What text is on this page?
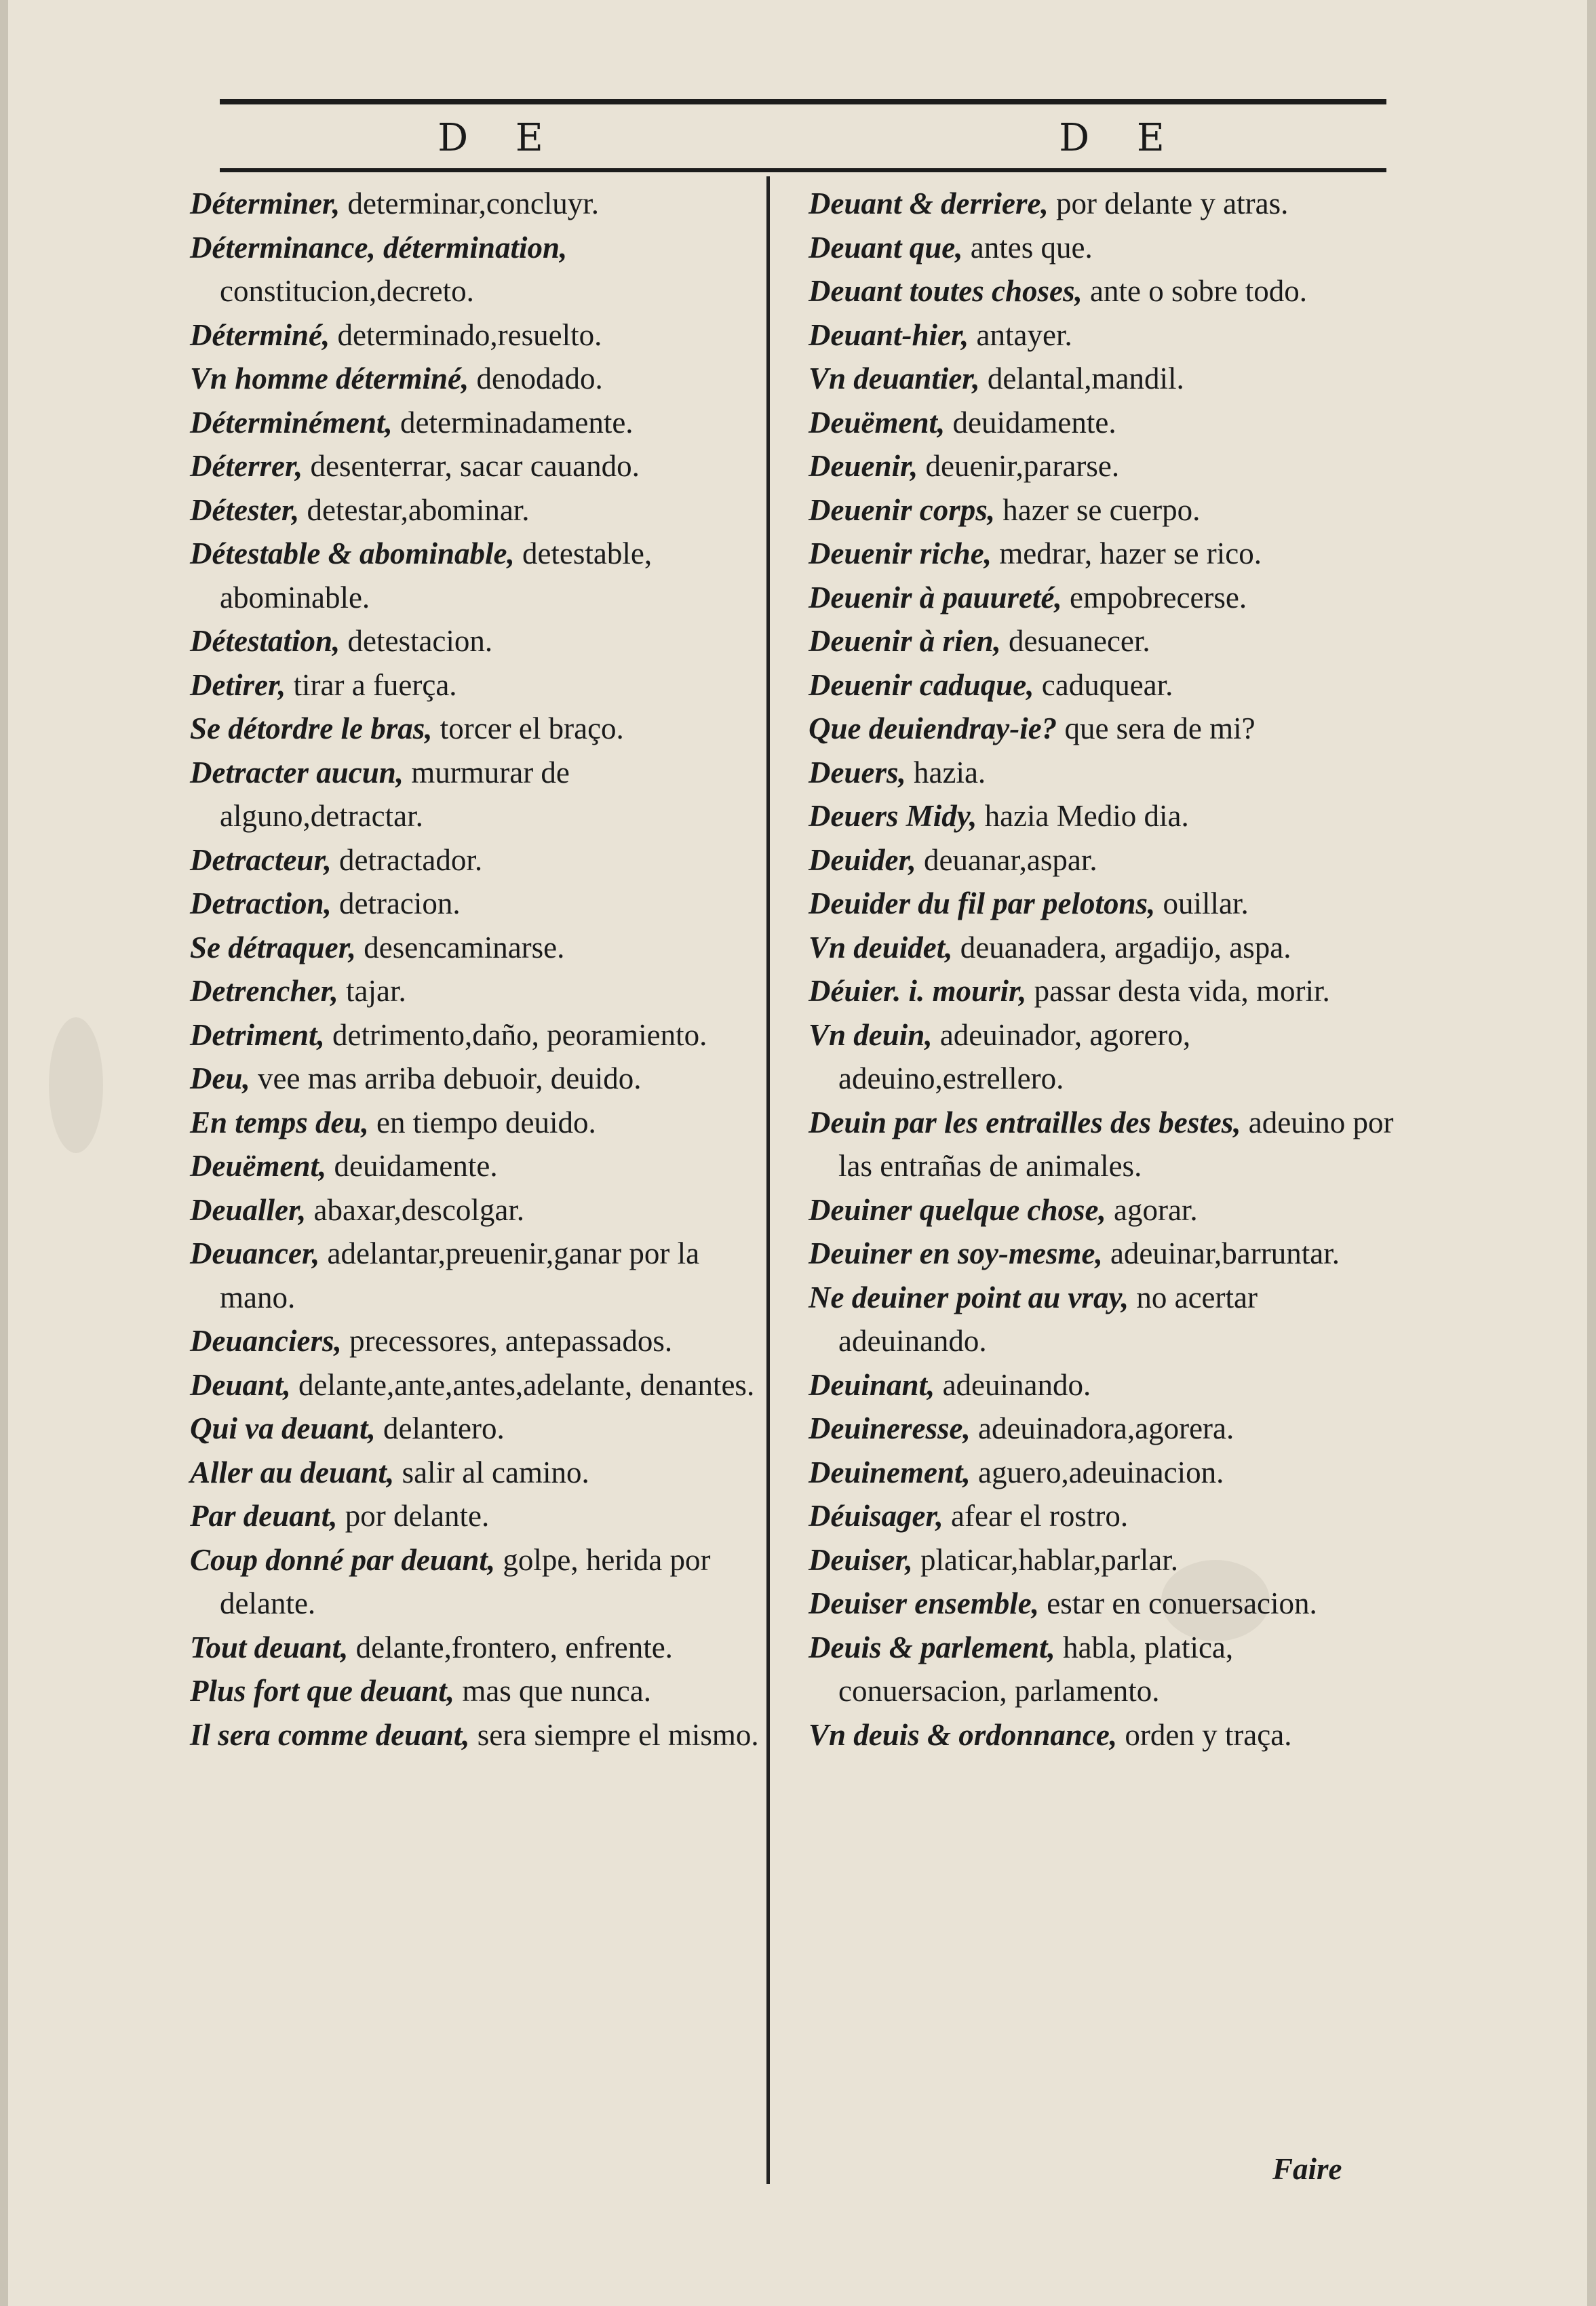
D E	D E

Déterminer, determinar,concluyr.

Déterminance, détermination, constitucion,decreto.

Déterminé, determinado,resuelto.

Vn homme déterminé, denodado.

Déterminément, determinadamente.

Déterrer, desenterrar, sacar cauando.

Détester, detestar,abominar.

Détestable & abominable, detestable, abominable.

Détestation, detestacion.

Detirer, tirar a fuerça.

Se détordre le bras, torcer el braço.

Detracter aucun, murmurar de alguno,detractar.

Detracteur, detractador.

Detraction, detracion.

Se détraquer, desencaminarse.

Detrencher, tajar.

Detriment, detrimento,daño, peoramiento.

Deu, vee mas arriba debuoir, deuido.

En temps deu, en tiempo deuido.

Deuëment, deuidamente.

Deualler, abaxar,descolgar.

Deuancer, adelantar,preuenir,ganar por la mano.

Deuanciers, precessores, antepassados.

Deuant, delante,ante,antes,adelante, denantes.

Qui va deuant, delantero.

Aller au deuant, salir al camino.

Par deuant, por delante.

Coup donné par deuant, golpe, herida por delante.

Tout deuant, delante,frontero, enfrente.

Plus fort que deuant, mas que nunca.

Il sera comme deuant, sera siempre el mismo.

Deuant & derriere, por delante y atras.

Deuant que, antes que.

Deuant toutes choses, ante o sobre todo.

Deuant-hier, antayer.

Vn deuantier, delantal,mandil.

Deuëment, deuidamente.

Deuenir, deuenir,pararse.

Deuenir corps, hazer se cuerpo.

Deuenir riche, medrar, hazer se rico.

Deuenir à pauureté, empobrecerse.

Deuenir à rien, desuanecer.

Deuenir caduque, caduquear.

Que deuiendray-ie? que sera de mi?

Deuers, hazia.

Deuers Midy, hazia Medio dia.

Deuider, deuanar,aspar.

Deuider du fil par pelotons, ouillar.

Vn deuidet, deuanadera, argadijo, aspa.

Déuier. i. mourir, passar desta vida, morir.

Vn deuin, adeuinador, agorero, adeuino,estrellero.

Deuin par les entrailles des bestes, adeuino por las entrañas de animales.

Deuiner quelque chose, agorar.

Deuiner en soy-mesme, adeuinar,barruntar.

Ne deuiner point au vray, no acertar adeuinando.

Deuinant, adeuinando.

Deuineresse, adeuinadora,agorera.

Deuinement, aguero,adeuinacion.

Déuisager, afear el rostro.

Deuiser, platicar,hablar,parlar.

Deuiser ensemble, estar en conuersacion.

Deuis & parlement, habla, platica, conuersacion, parlamento.

Vn deuis & ordonnance, orden y traça.

Faire
